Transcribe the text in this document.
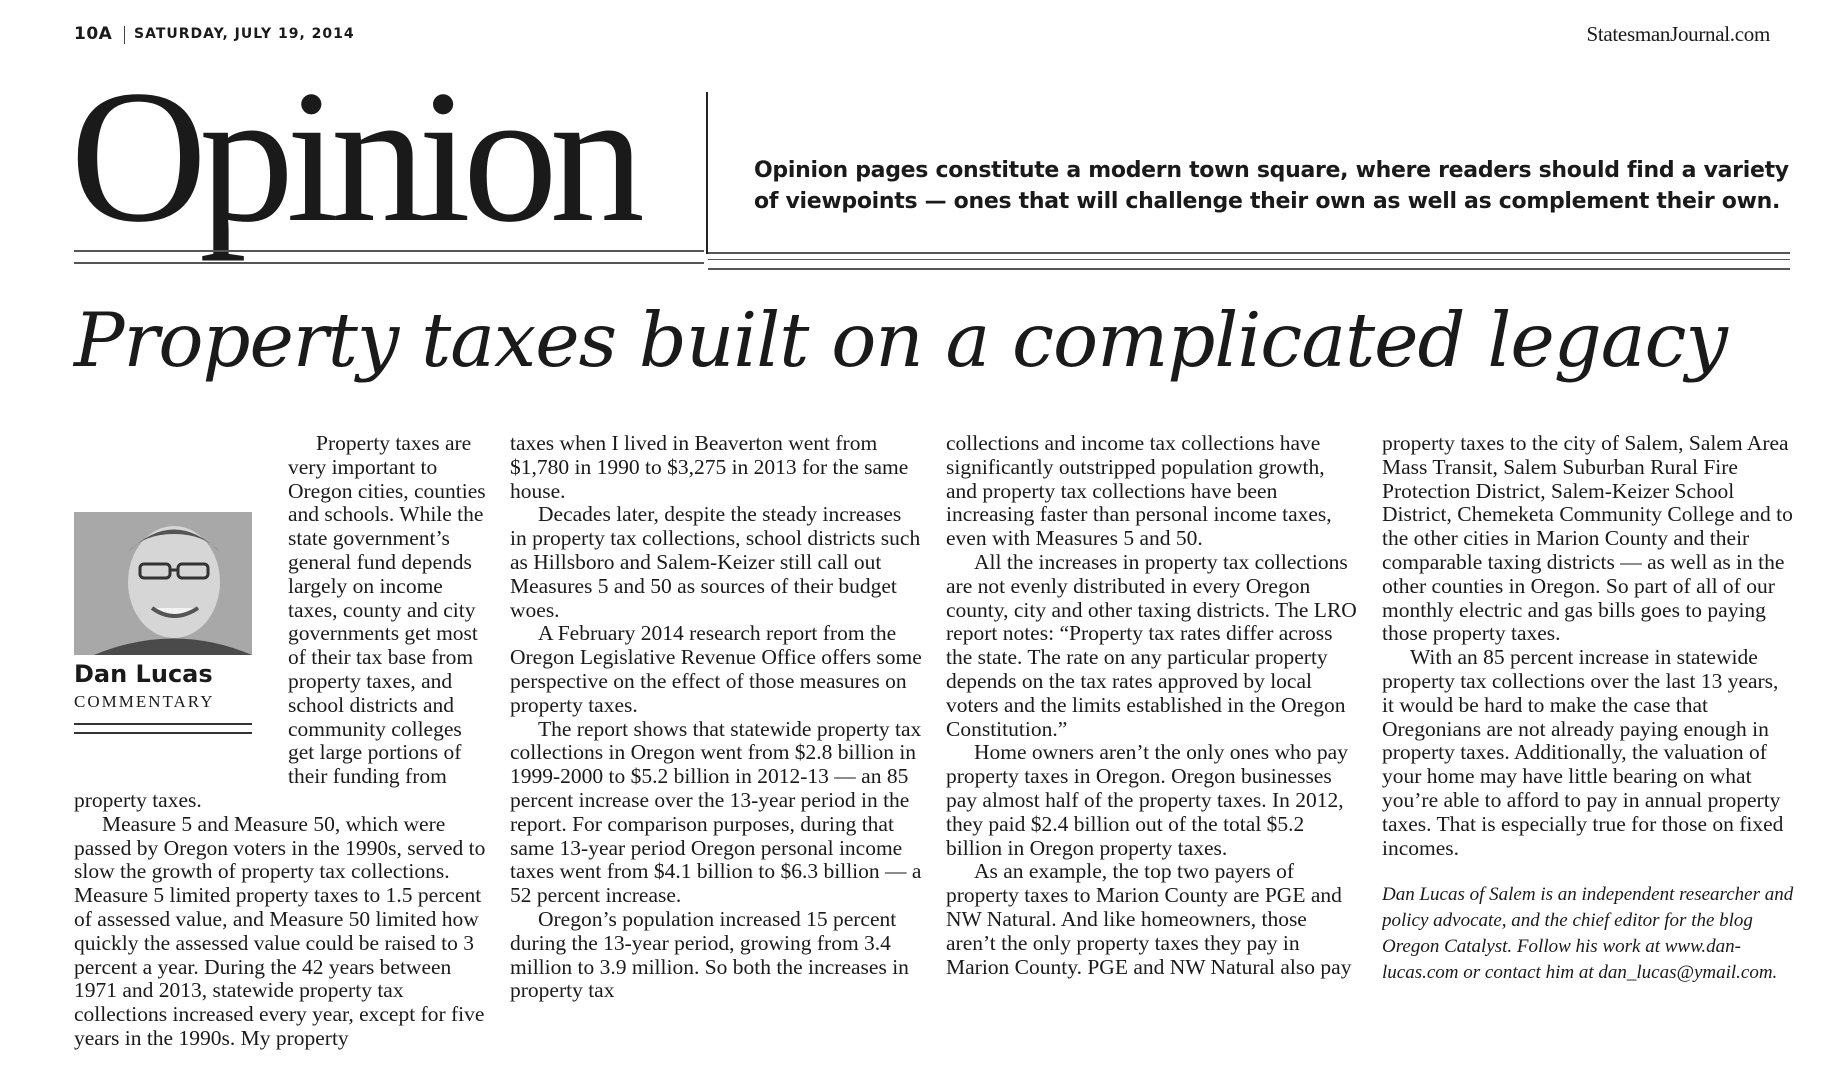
10A SATURDAY, JULY 19, 2014	StatesmanJournal.com
Opinion	Opinion pages constitute a modern town square, where readers should find a variety of viewpoints — ones that will challenge their own as well as complement their own.
Property taxes built on a complicated legacy
Dan Lucas
COMMENTARY

Property taxes are very important to Oregon cities, counties and schools. While the state government’s general fund depends largely on income taxes, county and city governments get most of their tax base from property taxes, and school districts and community colleges get large portions of their funding from property taxes.

Measure 5 and Measure 50, which were passed by Oregon voters in the 1990s, served to slow the growth of property tax collections. Measure 5 limited property taxes to 1.5 percent of assessed value, and Measure 50 limited how quickly the assessed value could be raised to 3 percent a year. During the 42 years between 1971 and 2013, statewide property tax collections increased every year, except for five years in the 1990s. My property

taxes when I lived in Beaverton went from $1,780 in 1990 to $3,275 in 2013 for the same house.

Decades later, despite the steady increases in property tax collections, school districts such as Hillsboro and Salem-Keizer still call out Measures 5 and 50 as sources of their budget woes.

A February 2014 research report from the Oregon Legislative Revenue Office offers some perspective on the effect of those measures on property taxes.

The report shows that statewide property tax collections in Oregon went from $2.8 billion in 1999-2000 to $5.2 billion in 2012-13 — an 85 percent increase over the 13-year period in the report. For comparison purposes, during that same 13-year period Oregon personal income taxes went from $4.1 billion to $6.3 billion — a 52 percent increase.

Oregon’s population increased 15 percent during the 13-year period, growing from 3.4 million to 3.9 million. So both the increases in property tax

collections and income tax collections have significantly outstripped population growth, and property tax collections have been increasing faster than personal income taxes, even with Measures 5 and 50.

All the increases in property tax collections are not evenly distributed in every Oregon county, city and other taxing districts. The LRO report notes: “Property tax rates differ across the state. The rate on any particular property depends on the tax rates approved by local voters and the limits established in the Oregon Constitution.”

Home owners aren’t the only ones who pay property taxes in Oregon. Oregon businesses pay almost half of the property taxes. In 2012, they paid $2.4 billion out of the total $5.2 billion in Oregon property taxes.

As an example, the top two payers of property taxes to Marion County are PGE and NW Natural. And like homeowners, those aren’t the only property taxes they pay in Marion County. PGE and NW Natural also pay

property taxes to the city of Salem, Salem Area Mass Transit, Salem Suburban Rural Fire Protection District, Salem-Keizer School District, Chemeketa Community College and to the other cities in Marion County and their comparable taxing districts — as well as in the other counties in Oregon. So part of all of our monthly electric and gas bills goes to paying those property taxes.

With an 85 percent increase in statewide property tax collections over the last 13 years, it would be hard to make the case that Oregonians are not already paying enough in property taxes. Additionally, the valuation of your home may have little bearing on what you’re able to afford to pay in annual property taxes. That is especially true for those on fixed incomes.

Dan Lucas of Salem is an independent researcher and policy advocate, and the chief editor for the blog Oregon Catalyst. Follow his work at www.dan-lucas.com or contact him at dan_lucas@ymail.com.
